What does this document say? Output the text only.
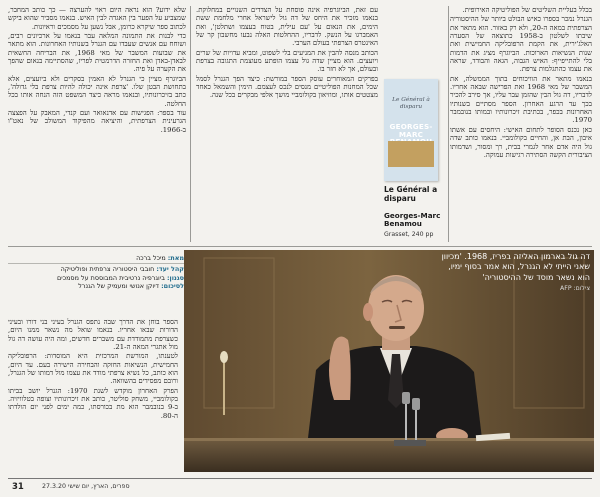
בכלל בעליית השליטים של הפוליטיקה האירופית.

הגנרל נמכר בספרו כאיש הבולט ביותר של ההיסטוריה הצרפתית במאה ה-20, ולא רק באזור. הוא מתאר את שיבתו לשלטון ב-1958 כתוצאה של הסערה האלג'ירית, את הקמת הרפובליקה החמישית ואת שנות הנשיאות הארוכות. הביוגרף מציג את הדמות בלי להתייפייף: האיש הגבוה, הגאה והבודד, שראה את עצמו כהתגלמות צרפת.

בנאמו מתאר את הוויכוחים בתוך הממשלה, את המשבר של מאי 1968 ואת הפרישה שבאה אחריו. לדבריו, דה גול הבין שהזמן עבר עליו, אך סירב להכיר בכך עד הרגע האחרון. הספר מסתיים בשנותיו האחרונות בכפר, בכתיבת זיכרונותיו ובמותו בנובמבר 1970.

כאן נכנס הסופר לתחום האישי: היחסים עם אשתו איבון, הבת אן, והחיים בקולומביי. בנאמו כותב שדה גול היה אדם אחר לגמרי בבית, רך ומסור, ושדמותו הציבורית הקשה הסתירה רגישות עמוקה.

Le Général à disparu
GEORGES-MARC
Le Général a disparu
Georges-Marc Benamou
Grasset, 240 pp

עם זאת, הביוגרפיה אינה פוסחת על הצדדים השנויים במחלוקת. בנאמו מזכיר את היחס של דה גול לישראל אחרי מלחמת ששת הימים, את הנאום על 'עם עילית, בטוח בעצמו ושתלטן', ואת האמברגו על הנשק. לדבריו, ההחלטות האלה נבעו מחשבון קר של האינטרס הצרפתי בעולם הערבי.

הכותב מנסה להבין את המניעים בלי לשפוט, ומביא עדויות של שרים ויועצים. הוא מציין שדה גול עצמו הופתע מעוצמת התגובה בצרפת ובעולם, אך לא חזר בו.

בפרקים המאוחרים עוסק הספר במורשת: כיצד הפך הגנרל לסמל שכל המחנות הפוליטיים מנסים לנכס לעצמם. הימין והשמאל כאחד מצטטים אותו, ומוזיאון בקולומביי מושך אלפי מבקרים בכל שנה.

שלא ידוע? הוא נראה היום ראוי להערצה — כך כותב המחבר, שמצביע על הפער בין האגדה לבין האיש. בנאמו מסביר שהוא ביקש לכתוב ספר שיקרא כרומן, אבל נשען על מסמכים וראיונות.

כדי לבנות את התמונה המלאה עבר בנאמו על ארכיונים רבים, ושוחח עם אנשים שעבדו עם הגנרל בשנותיו האחרונות. הוא מתאר את שבועות המשבר של מאי 1968, את הבריחה החשאית לבאדן-באדן ואת החזרה הדרמטית לפריז, שהסתיימה בנאום שהפך את הקערה על פיה.

הביוגרף מציין כי הגנרל לא האמין בסקרים ולא ביועצים, אלא בתחושת הבטן שלו. 'צרפת אינה יכולה להיות צרפת בלי גדולה', כתב בזיכרונותיו, ובנאמו מראה כיצד המשפט הזה הנחה אותו בכל החלטה.

עוד בספר: הפגישות עם אדנאואר ועם קנדי, המאבק על הפצצה הגרעינית הצרפתית, והיציאה מהפיקוד המשולב של נאט"ו ב-1966.

מאת: מיכל ברכה
קהל יעד: חובבי היסטוריה צרפתית ופוליטיקה
סגנון: ביוגרפיה נרטיבית המבוססת על מסמכים
לסיכום: דיוקן אנושי ומעמיק של הגנרל

הספר בוחן את הדרך שבה נתפס הגנרל בעיני בני דורו ובעיני הדורות שבאו אחריו. בנאמו שואל מה נשאר ממנו היום, כשצרפת מתמודדת עם משברים חדשים, ומה היה עושה דה גול מול אתגרי המאה ה-21.

לטענתו, המורשת המרכזית היא המוסדות: הרפובליקה החמישית, הנשיאות החזקה והבחירה הישירה בעם. עד היום, הוא כותב, כל נשיא צרפתי מודד את עצמו מול דמותו של הגנרל, ורובם מפסידים בהשוואה.

הפרק האחרון מוקדש לשנת 1970: הגנרל יושב בביתו בקולומביי, משחק סוליטר, כותב את זיכרונותיו וצופה בטלוויזיה. ב-9 בנובמבר הוא מת בכורסתו, כמה ימים לפני יום הולדתו ה-80.

דה גול בארמון האליזה בפריז, 1968. 'מכיוון שאני הייתי לא הגנרל, הוא אמר בסוף ימיו, הוא נשאר מוסד של ההיסטוריה'
צילום: AFP
31	ספרים, הארץ, יום שישי 27.3.20
